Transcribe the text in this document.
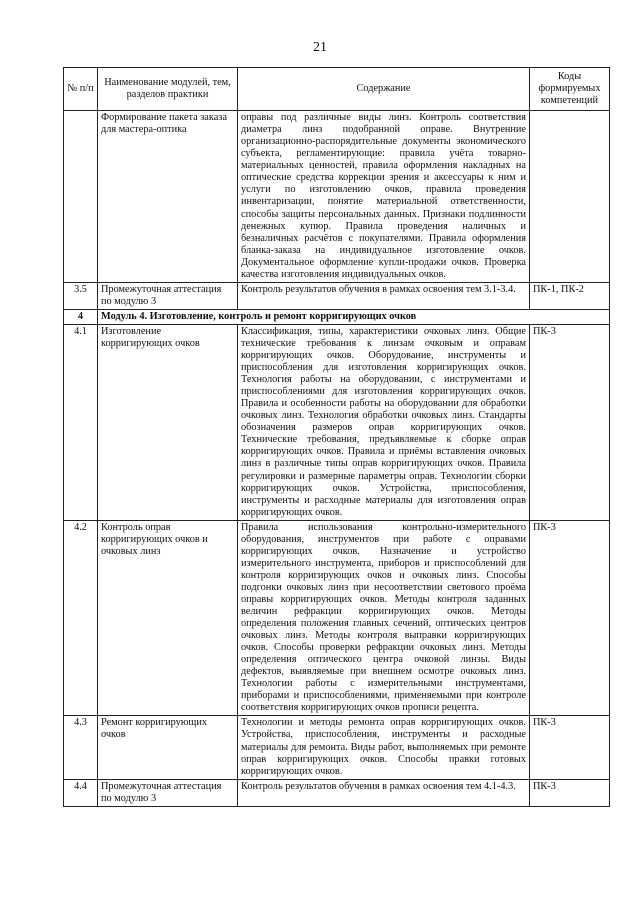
21
№ п/п	Наименование модулей, тем, разделов практики	Содержание	Коды формируемых компетенций
	Формирование пакета заказа для мастера-оптика	оправы под различные виды линз. Контроль соответствия диаметра линз подобранной оправе. Внутренние организационно-распорядительные документы экономического субъекта, регламентирующие: правила учёта товарно-материальных ценностей, правила оформления накладных на оптические средства коррекции зрения и аксессуары к ним и услуги по изготовлению очков, правила проведения инвентаризации, понятие материальной ответственности, способы защиты персональных данных. Признаки подлинности денежных купюр. Правила проведения наличных и безналичных расчётов с покупателями. Правила оформления бланка-заказа на индивидуальное изготовление очков. Документальное оформление купли-продажи очков. Проверка качества изготовления индивидуальных очков.	
3.5	Промежуточная аттестация по модулю 3	Контроль результатов обучения в рамках освоения тем 3.1-3.4.	ПК-1, ПК-2
4	Модуль 4. Изготовление, контроль и ремонт корригирующих очков		
4.1	Изготовление корригирующих очков	Классификация, типы, характеристики очковых линз. Общие технические требования к линзам очковым и оправам корригирующих очков. Оборудование, инструменты и приспособления для изготовления корригирующих очков. Технология работы на оборудовании, с инструментами и приспособлениями для изготовления корригирующих очков. Правила и особенности работы на оборудовании для обработки очковых линз. Технология обработки очковых линз. Стандарты обозначения размеров оправ корригирующих очков. Технические требования, предъявляемые к сборке оправ корригирующих очков. Правила и приёмы вставления очковых линз в различные типы оправ корригирующих очков. Правила регулировки и размерные параметры оправ. Технологии сборки корригирующих очков. Устройства, приспособления, инструменты и расходные материалы для изготовления оправ корригирующих очков.	ПК-3
4.2	Контроль оправ корригирующих очков и очковых линз	Правила использования контрольно-измерительного оборудования, инструментов при работе с оправами корригирующих очков. Назначение и устройство измерительного инструмента, приборов и приспособлений для контроля корригирующих очков и очковых линз. Способы подгонки очковых линз при несоответствии светового проёма оправы корригирующих очков. Методы контроля заданных величин рефракции корригирующих очков. Методы определения положения главных сечений, оптических центров очковых линз. Методы контроля выправки корригирующих очков. Способы проверки рефракции очковых линз. Методы определения оптического центра очковой линзы. Виды дефектов, выявляемые при внешнем осмотре очковых линз. Технологии работы с измерительными инструментами, приборами и приспособлениями, применяемыми при контроле соответствия корригирующих очков прописи рецепта.	ПК-3
4.3	Ремонт корригирующих очков	Технологии и методы ремонта оправ корригирующих очков. Устройства, приспособления, инструменты и расходные материалы для ремонта. Виды работ, выполняемых при ремонте оправ корригирующих очков. Способы правки готовых корригирующих очков.	ПК-3
4.4	Промежуточная аттестация по модулю 3	Контроль результатов обучения в рамках освоения тем 4.1-4.3.	ПК-3
